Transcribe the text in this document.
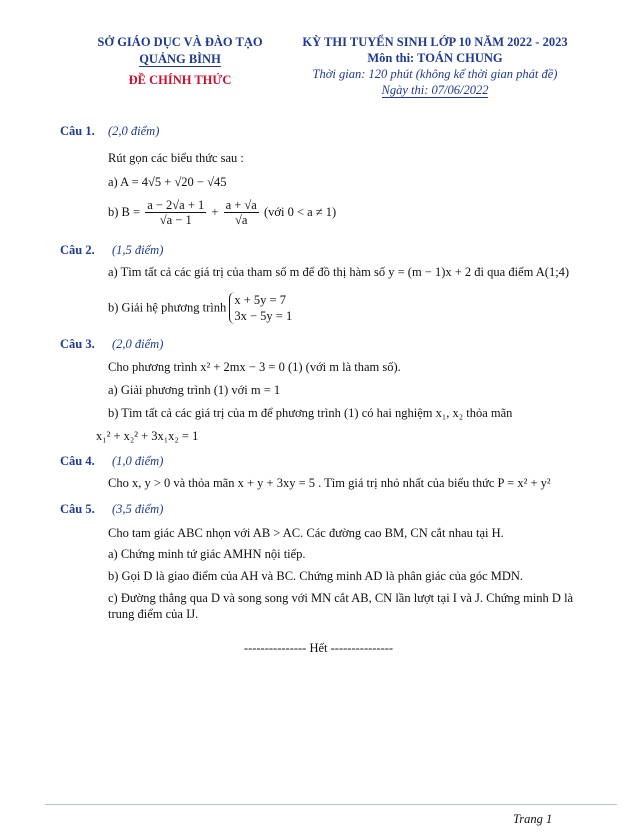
SỞ GIÁO DỤC VÀ ĐÀO TẠO
QUẢNG BÌNH
ĐỀ CHÍNH THỨC
KỲ THI TUYỂN SINH LỚP 10 NĂM 2022 - 2023
Môn thi: TOÁN CHUNG
Thời gian: 120 phút (không kể thời gian phát đề)
Ngày thi: 07/06/2022
Câu 1. (2,0 điểm)
Rút gọn các biểu thức sau :
a) A = 4√5 + √20 − √45
b) $B = \frac{a - 2√a + 1}{√a - 1} + \frac{a + √a}{√a}$ (với 0 < a ≠ 1)
Câu 2. (1,5 điểm)
a) Tìm tất cả các giá trị của tham số m để đồ thị hàm số y = (m − 1)x + 2 đi qua điểm A(1;4)
b) Giải hệ phương trình
x + 5y = 7
3x − 5y = 1
Câu 3. (2,0 điểm)
Cho phương trình x² + 2mx − 3 = 0 (1) (với m là tham số).
a) Giải phương trình (1) với m = 1
b) Tìm tất cả các giá trị của m để phương trình (1) có hai nghiệm x₁, x₂ thỏa mãn
x₁² + x₂² + 3x₁x₂ = 1
Câu 4. (1,0 điểm)
Cho x, y > 0 và thỏa mãn x + y + 3xy = 5 . Tìm giá trị nhỏ nhất của biểu thức P = x² + y²
Câu 5. (3,5 điểm)
Cho tam giác ABC nhọn với AB > AC. Các đường cao BM, CN cắt nhau tại H.
a) Chứng minh tứ giác AMHN nội tiếp.
b) Gọi D là giao điểm của AH và BC. Chứng minh AD là phân giác của góc MDN.
c) Đường thẳng qua D và song song với MN cắt AB, CN lần lượt tại I và J. Chứng minh D là
trung điểm của IJ.
--------------- Hết ---------------
Trang 1
